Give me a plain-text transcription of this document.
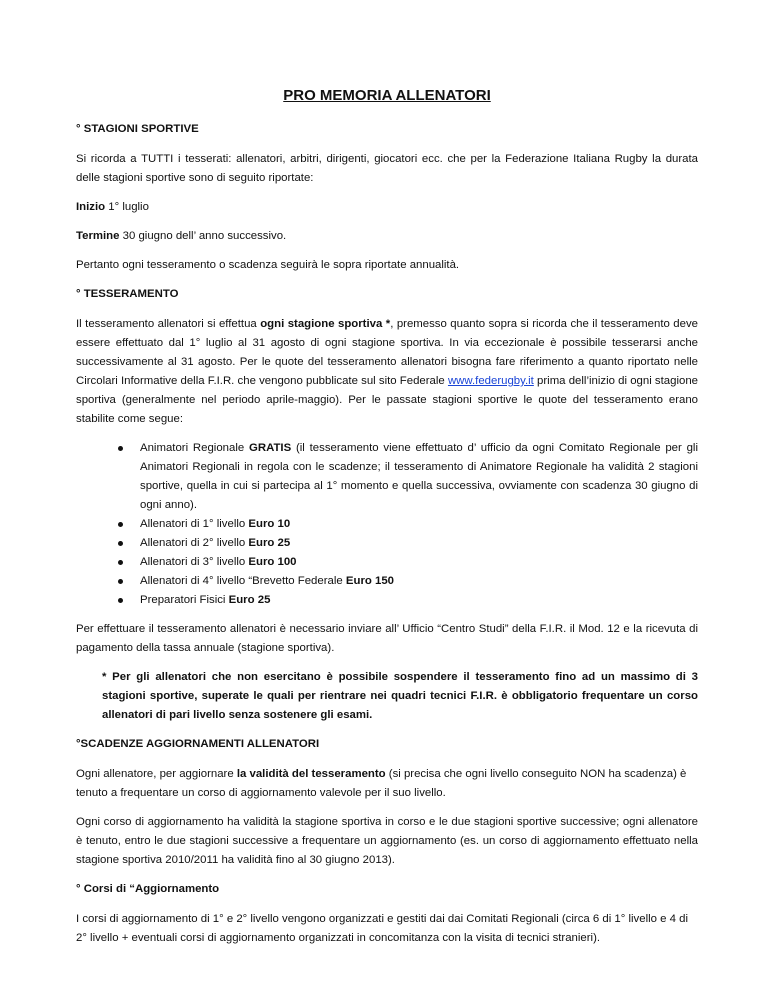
PRO MEMORIA ALLENATORI
° STAGIONI SPORTIVE

Si ricorda a TUTTI i tesserati: allenatori, arbitri, dirigenti, giocatori ecc. che per la Federazione Italiana Rugby la durata delle stagioni sportive sono di seguito riportate:

Inizio 1° luglio

Termine 30 giugno dell’ anno successivo.

Pertanto ogni tesseramento o scadenza seguirà le sopra riportate annualità.

° TESSERAMENTO

Il tesseramento allenatori si effettua ogni stagione sportiva *, premesso quanto sopra si ricorda che il tesseramento deve essere effettuato dal 1° luglio al 31 agosto di ogni stagione sportiva. In via eccezionale è possibile tesserarsi anche successivamente al 31 agosto. Per le quote del tesseramento allenatori bisogna fare riferimento a quanto riportato nelle Circolari Informative della F.I.R. che vengono pubblicate sul sito Federale www.federugby.it prima dell’inizio di ogni stagione sportiva (generalmente nel periodo aprile-maggio). Per le passate stagioni sportive le quote del tesseramento erano stabilite come segue:

Animatori Regionale GRATIS (il tesseramento viene effettuato d’ ufficio da ogni Comitato Regionale per gli Animatori Regionali in regola con le scadenze; il tesseramento di Animatore Regionale ha validità 2 stagioni sportive, quella in cui si partecipa al 1° momento e quella successiva, ovviamente con scadenza 30 giugno di ogni anno).
Allenatori di 1° livello Euro 10
Allenatori di 2° livello Euro 25
Allenatori di 3° livello Euro 100
Allenatori di 4° livello “Brevetto Federale Euro 150
Preparatori Fisici Euro 25

Per effettuare il tesseramento allenatori è necessario inviare all’ Ufficio “Centro Studi” della F.I.R. il Mod. 12 e la ricevuta di pagamento della tassa annuale (stagione sportiva).

* Per gli allenatori che non esercitano è possibile sospendere il tesseramento fino ad un massimo di 3 stagioni sportive, superate le quali per rientrare nei quadri tecnici F.I.R. è obbligatorio frequentare un corso allenatori di pari livello senza sostenere gli esami.
°SCADENZE AGGIORNAMENTI ALLENATORI

Ogni allenatore, per aggiornare la validità del tesseramento (si precisa che ogni livello conseguito NON ha scadenza) è tenuto a frequentare un corso di aggiornamento valevole per il suo livello.

Ogni corso di aggiornamento ha validità la stagione sportiva in corso e le due stagioni sportive successive; ogni allenatore è tenuto, entro le due stagioni successive a frequentare un aggiornamento (es. un corso di aggiornamento effettuato nella stagione sportiva 2010/2011 ha validità fino al 30 giugno 2013).

° Corsi di “Aggiornamento

I corsi di aggiornamento di 1° e 2° livello vengono organizzati e gestiti dai dai Comitati Regionali (circa 6 di 1° livello e 4 di 2° livello + eventuali corsi di aggiornamento organizzati in concomitanza con la visita di tecnici stranieri).
